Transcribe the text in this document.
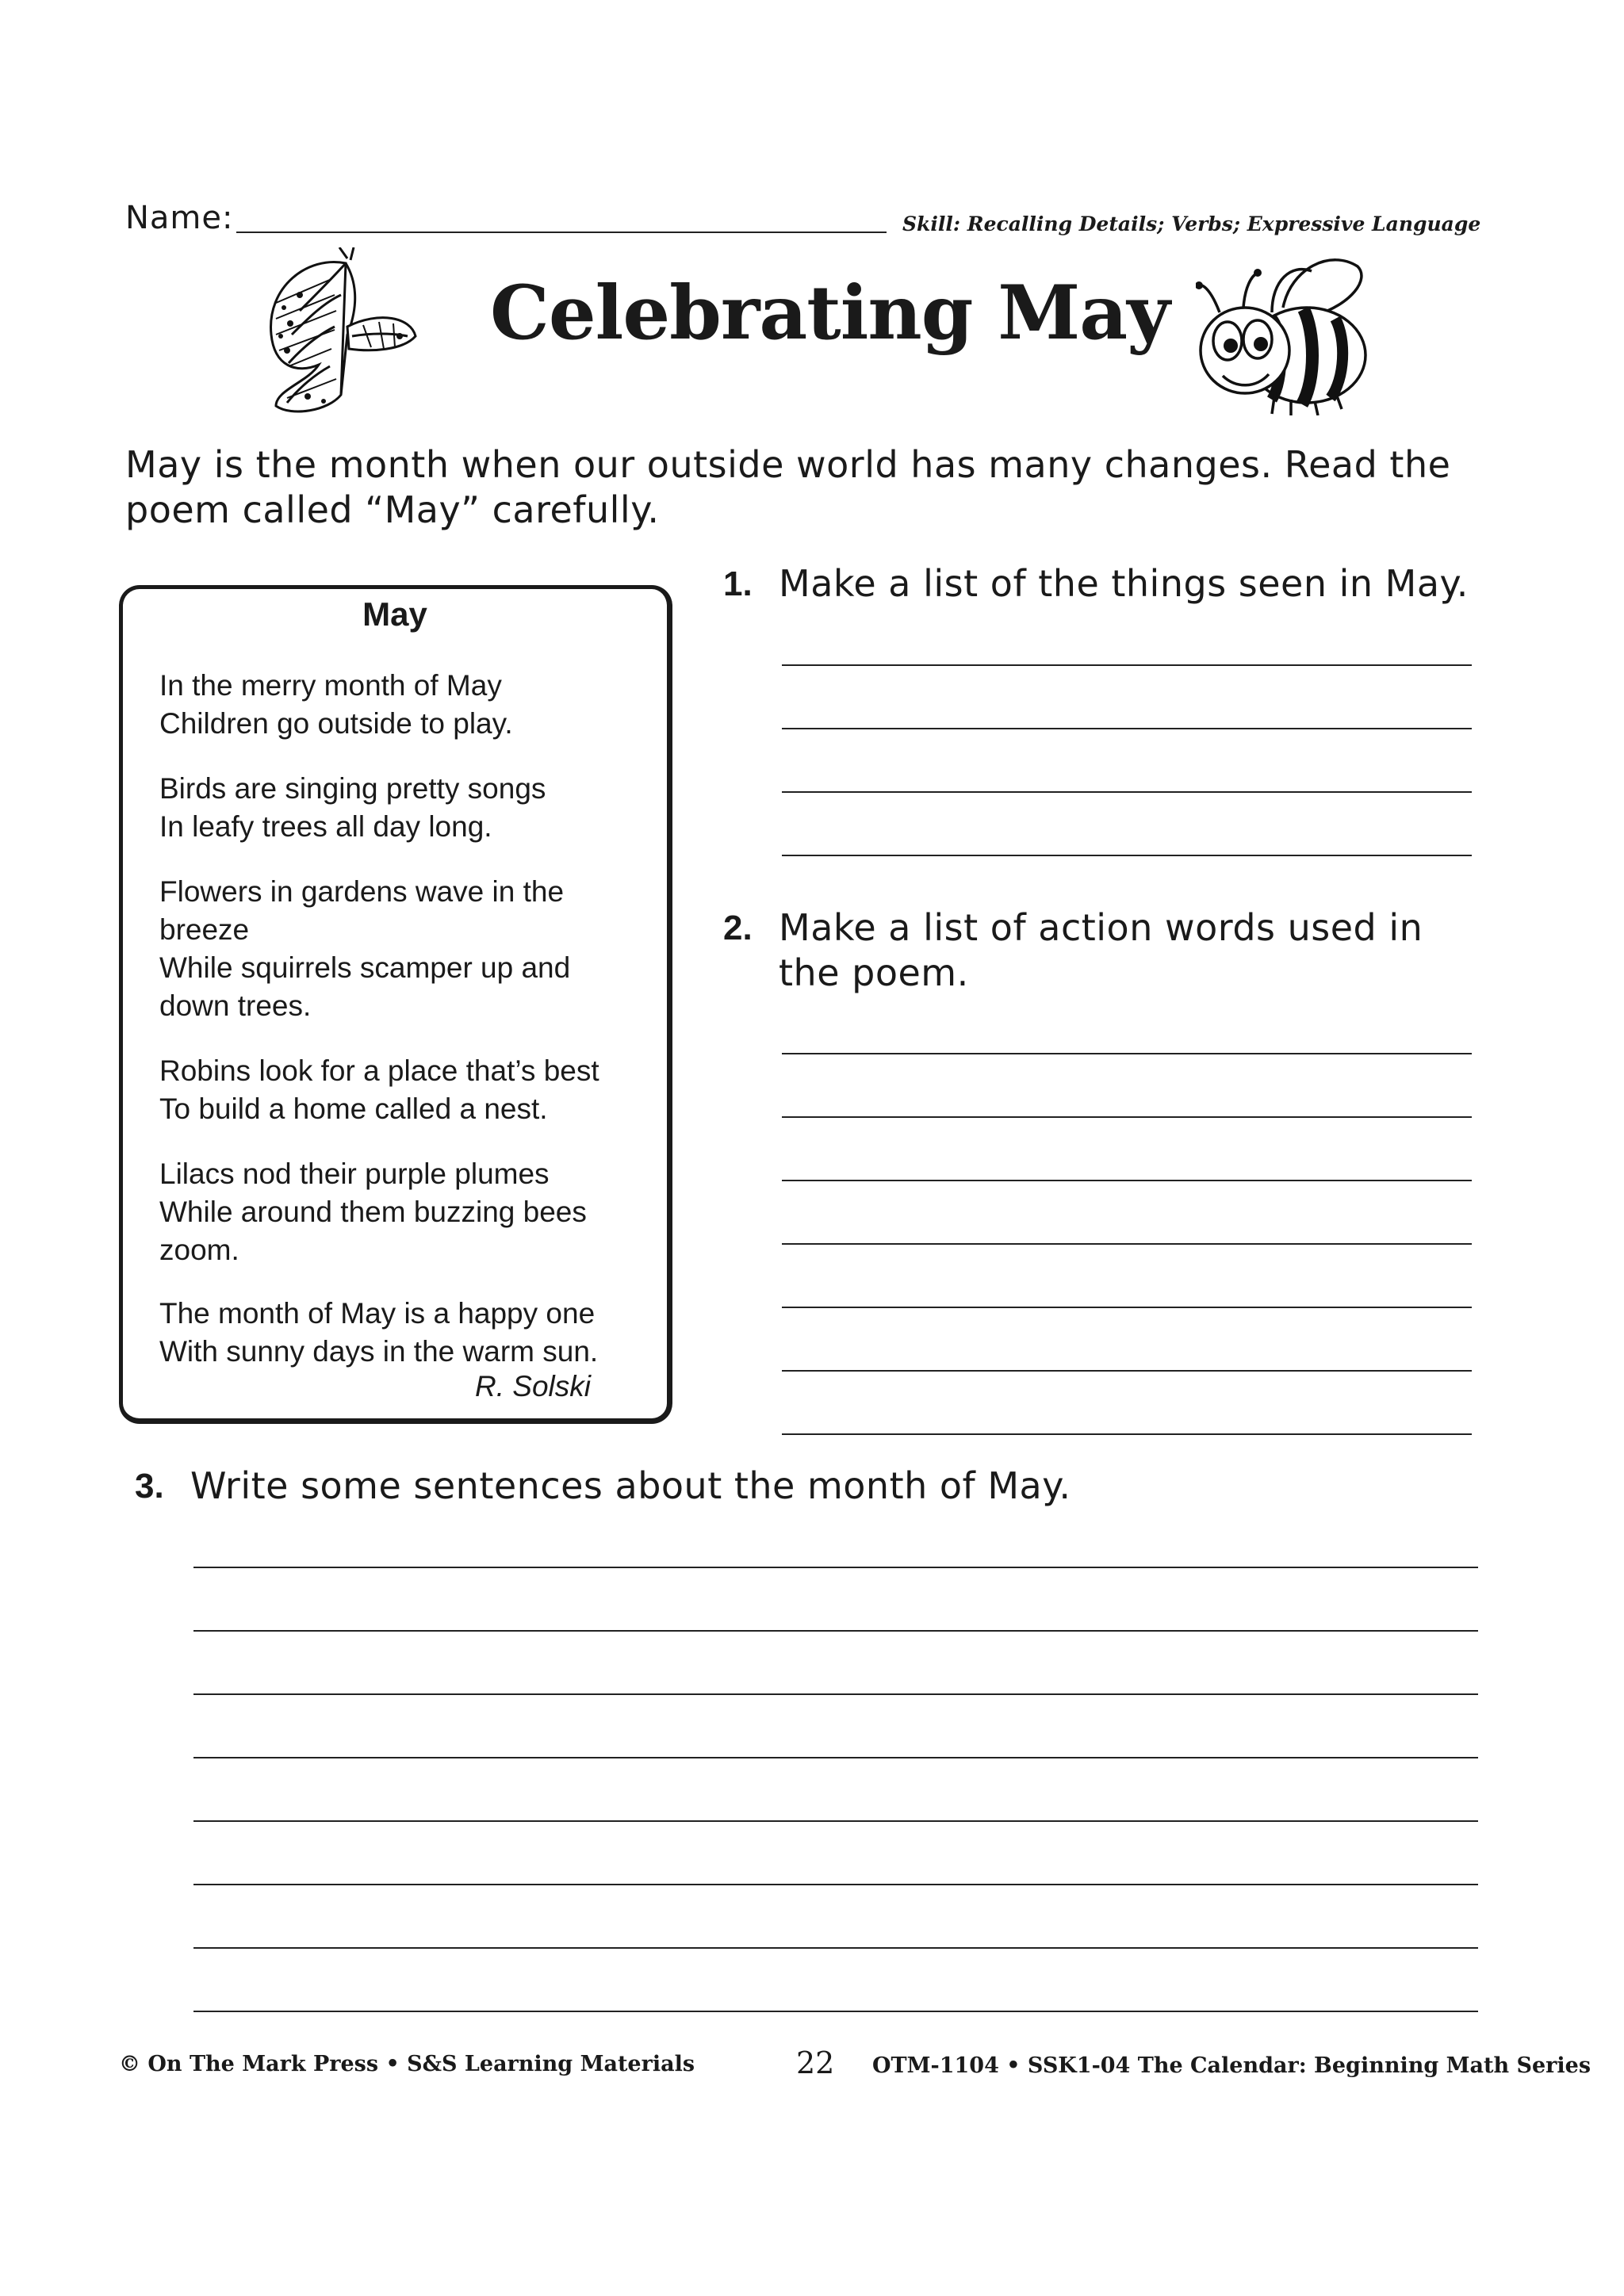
Name:	Skill: Recalling Details; Verbs; Expressive Language
Celebrating May
May is the month when our outside world has many changes. Read the poem called “May” carefully.
May
In the merry month of May
Children go outside to play.
Birds are singing pretty songs
In leafy trees all day long.
Flowers in gardens wave in the
breeze
While squirrels scamper up and
down trees.
Robins look for a place that’s best
To build a home called a nest.
Lilacs nod their purple plumes
While around them buzzing bees
zoom.
The month of May is a happy one
With sunny days in the warm sun.
R. Solski
1. Make a list of the things seen in May.
2. Make a list of action words used in the poem.
3. Write some sentences about the month of May.
© On The Mark Press • S&S Learning Materials	22 OTM-1104 • SSK1-04 The Calendar: Beginning Math Series
